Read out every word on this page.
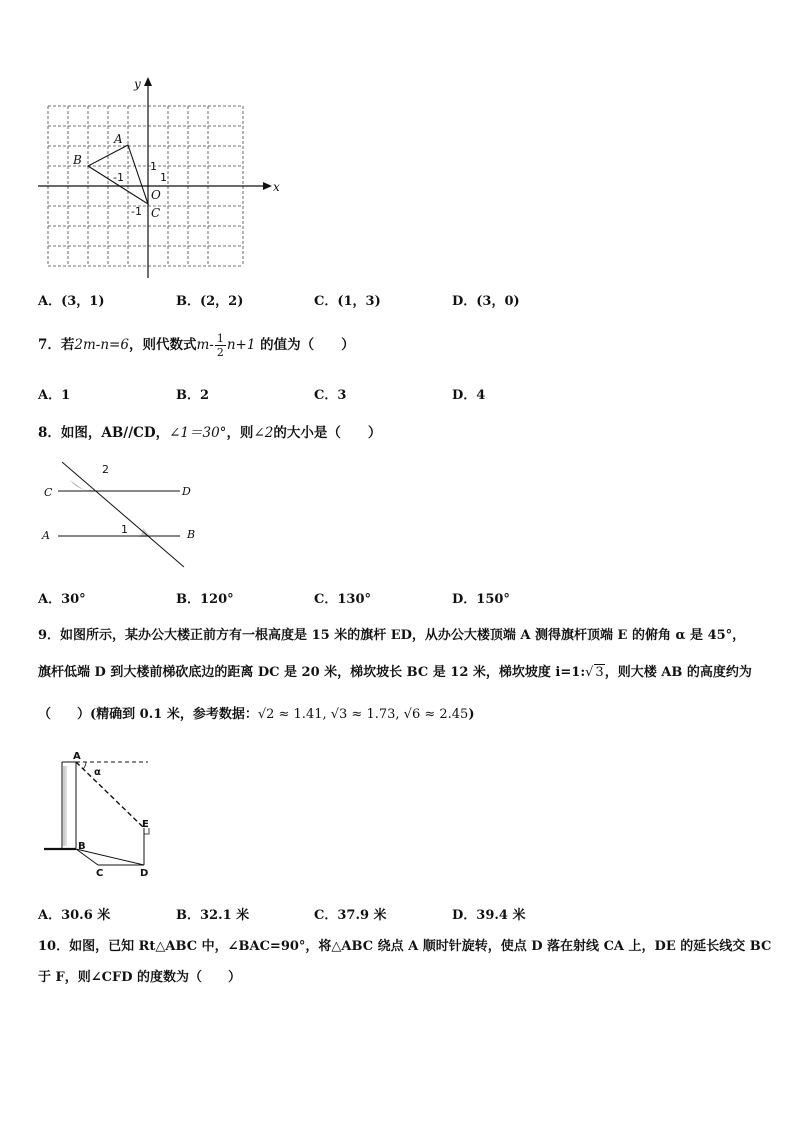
x
y
O
A
B
C
1
1
-1
-1
A．(3，1)	B．(2，2)	C．(1，3)	D．(3，0)
7．若2m-n=6，则代数式$m- \frac{1}{2} n+1$ 的值为（　　）
A．1	B．2	C．3	D．4
8．如图，AB//CD，∠1＝30°，则∠2的大小是（　　）
C	D
A	B
2
1
A．30°	B．120°	C．130°	D．150°
9．如图所示，某办公大楼正前方有一根高度是 15 米的旗杆 ED，从办公大楼顶端 A 测得旗杆顶端 E 的俯角 α 是 45°，
旗杆低端 D 到大楼前梯砍底边的距离 DC 是 20 米，梯坎坡长 BC 是 12 米，梯坎坡度 i=1:√ 3，则大楼 AB 的高度约为
（　　）(精确到 0.1 米，参考数据：√2 ≈ 1.41, √3 ≈ 1.73, √6 ≈ 2.45)
A
α
E
B
C	D
A．30.6 米	B．32.1 米	C．37.9 米	D．39.4 米
10．如图，已知 Rt△ABC 中，∠BAC=90°，将△ABC 绕点 A 顺时针旋转，使点 D 落在射线 CA 上，DE 的延长线交 BC
于 F，则∠CFD 的度数为（　　）
